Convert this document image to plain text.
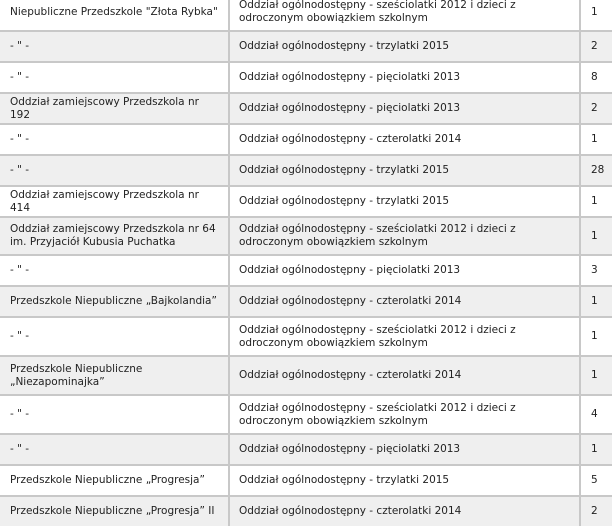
Niepubliczne Przedszkole "Złota Rybka"	Oddział ogólnodostępny - sześciolatki 2012 i dzieci z odroczonym obowiązkiem szkolnym	1
- " -	Oddział ogólnodostępny - trzylatki 2015	2
- " -	Oddział ogólnodostępny - pięciolatki 2013	8
Oddział zamiejscowy Przedszkola nr 192	Oddział ogólnodostępny - pięciolatki 2013	2
- " -	Oddział ogólnodostępny - czterolatki 2014	1
- " -	Oddział ogólnodostępny - trzylatki 2015	28
Oddział zamiejscowy Przedszkola nr 414	Oddział ogólnodostępny - trzylatki 2015	1
Oddział zamiejscowy Przedszkola nr 64 im. Przyjaciół Kubusia Puchatka	Oddział ogólnodostępny - sześciolatki 2012 i dzieci z odroczonym obowiązkiem szkolnym	1
- " -	Oddział ogólnodostępny - pięciolatki 2013	3
Przedszkole Niepubliczne „Bajkolandia”	Oddział ogólnodostępny - czterolatki 2014	1
- " -	Oddział ogólnodostępny - sześciolatki 2012 i dzieci z odroczonym obowiązkiem szkolnym	1
Przedszkole Niepubliczne „Niezapominajka”	Oddział ogólnodostępny - czterolatki 2014	1
- " -	Oddział ogólnodostępny - sześciolatki 2012 i dzieci z odroczonym obowiązkiem szkolnym	4
- " -	Oddział ogólnodostępny - pięciolatki 2013	1
Przedszkole Niepubliczne „Progresja”	Oddział ogólnodostępny - trzylatki 2015	5
Przedszkole Niepubliczne „Progresja” II	Oddział ogólnodostępny - czterolatki 2014	2
